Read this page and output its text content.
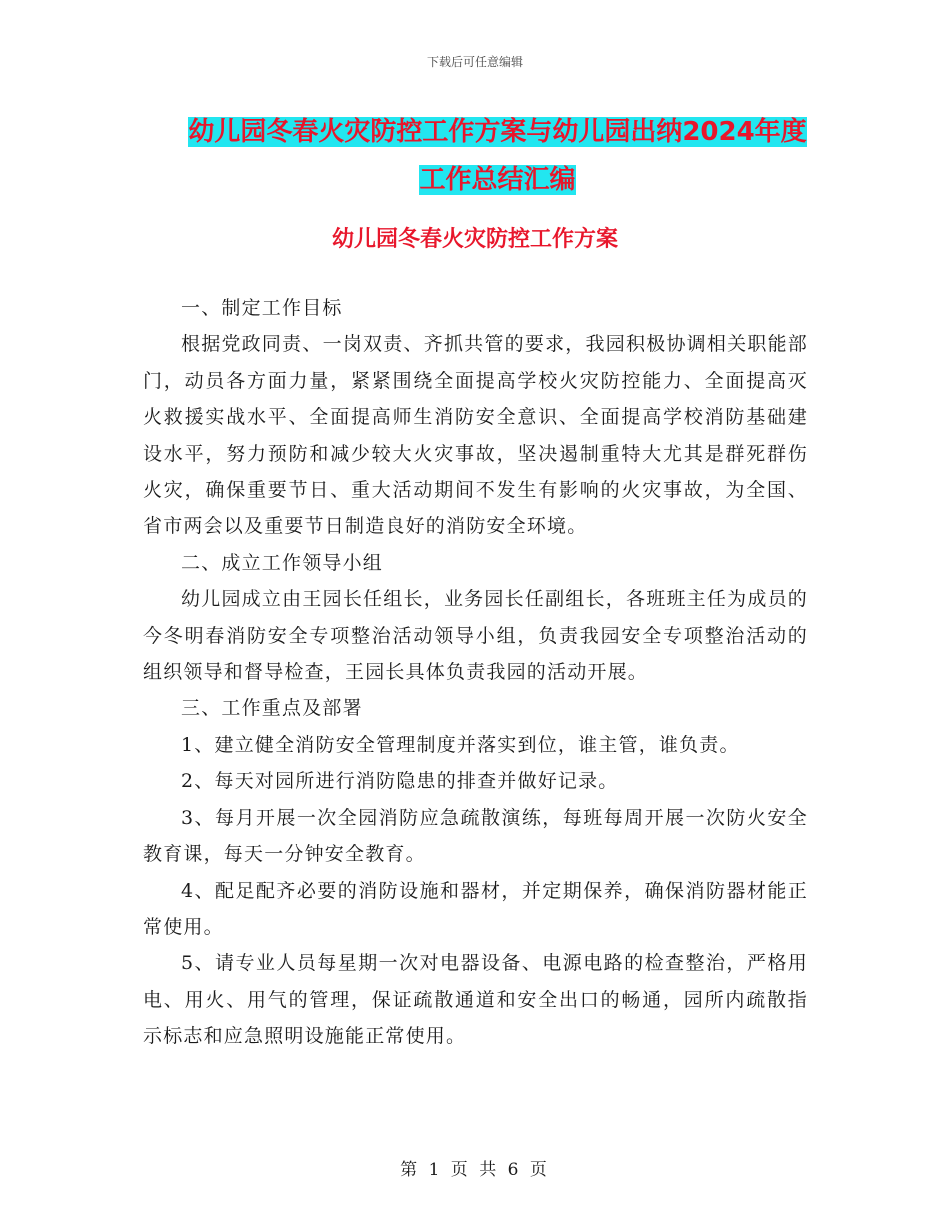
下载后可任意编辑
幼儿园冬春火灾防控工作方案与幼儿园出纳2024年度工作总结汇编
幼儿园冬春火灾防控工作方案

一、制定工作目标

根据党政同责、一岗双责、齐抓共管的要求，我园积极协调相关职能部门，动员各方面力量，紧紧围绕全面提高学校火灾防控能力、全面提高灭火救援实战水平、全面提高师生消防安全意识、全面提高学校消防基础建设水平，努力预防和减少较大火灾事故，坚决遏制重特大尤其是群死群伤火灾，确保重要节日、重大活动期间不发生有影响的火灾事故，为全国、省市两会以及重要节日制造良好的消防安全环境。

二、成立工作领导小组

幼儿园成立由王园长任组长，业务园长任副组长，各班班主任为成员的今冬明春消防安全专项整治活动领导小组，负责我园安全专项整治活动的组织领导和督导检查，王园长具体负责我园的活动开展。

三、工作重点及部署

1、建立健全消防安全管理制度并落实到位，谁主管，谁负责。

2、每天对园所进行消防隐患的排查并做好记录。

3、每月开展一次全园消防应急疏散演练，每班每周开展一次防火安全教育课，每天一分钟安全教育。

4、配足配齐必要的消防设施和器材，并定期保养，确保消防器材能正常使用。

5、请专业人员每星期一次对电器设备、电源电路的检查整治，严格用电、用火、用气的管理，保证疏散通道和安全出口的畅通，园所内疏散指示标志和应急照明设施能正常使用。

第 1 页 共 6 页
